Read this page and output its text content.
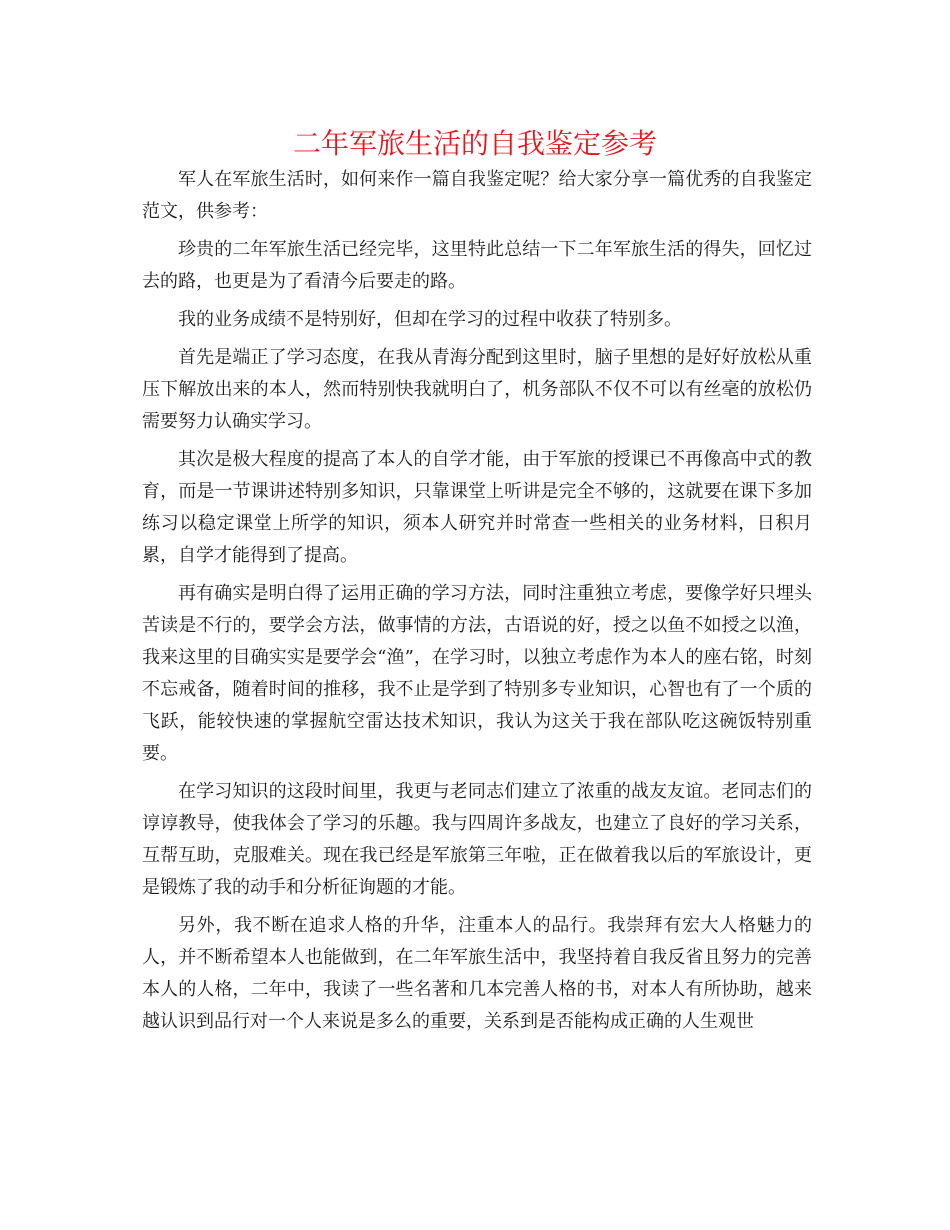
二年军旅生活的自我鉴定参考

军人在军旅生活时，如何来作一篇自我鉴定呢？给大家分享一篇优秀的自我鉴定范文，供参考：

珍贵的二年军旅生活已经完毕，这里特此总结一下二年军旅生活的得失，回忆过去的路，也更是为了看清今后要走的路。

我的业务成绩不是特别好，但却在学习的过程中收获了特别多。

首先是端正了学习态度，在我从青海分配到这里时，脑子里想的是好好放松从重压下解放出来的本人，然而特别快我就明白了，机务部队不仅不可以有丝毫的放松仍需要努力认确实学习。

其次是极大程度的提高了本人的自学才能，由于军旅的授课已不再像高中式的教育，而是一节课讲述特别多知识，只靠课堂上听讲是完全不够的，这就要在课下多加练习以稳定课堂上所学的知识，须本人研究并时常查一些相关的业务材料，日积月累，自学才能得到了提高。

再有确实是明白得了运用正确的学习方法，同时注重独立考虑，要像学好只埋头苦读是不行的，要学会方法，做事情的方法，古语说的好，授之以鱼不如授之以渔，我来这里的目确实实是要学会“渔”，在学习时，以独立考虑作为本人的座右铭，时刻不忘戒备，随着时间的推移，我不止是学到了特别多专业知识，心智也有了一个质的飞跃，能较快速的掌握航空雷达技术知识，我认为这关于我在部队吃这碗饭特别重要。

在学习知识的这段时间里，我更与老同志们建立了浓重的战友友谊。老同志们的谆谆教导，使我体会了学习的乐趣。我与四周许多战友，也建立了良好的学习关系，互帮互助，克服难关。现在我已经是军旅第三年啦，正在做着我以后的军旅设计，更是锻炼了我的动手和分析征询题的才能。

另外，我不断在追求人格的升华，注重本人的品行。我崇拜有宏大人格魅力的人，并不断希望本人也能做到，在二年军旅生活中，我坚持着自我反省且努力的完善本人的人格，二年中，我读了一些名著和几本完善人格的书，对本人有所协助，越来越认识到品行对一个人来说是多么的重要，关系到是否能构成正确的人生观世
